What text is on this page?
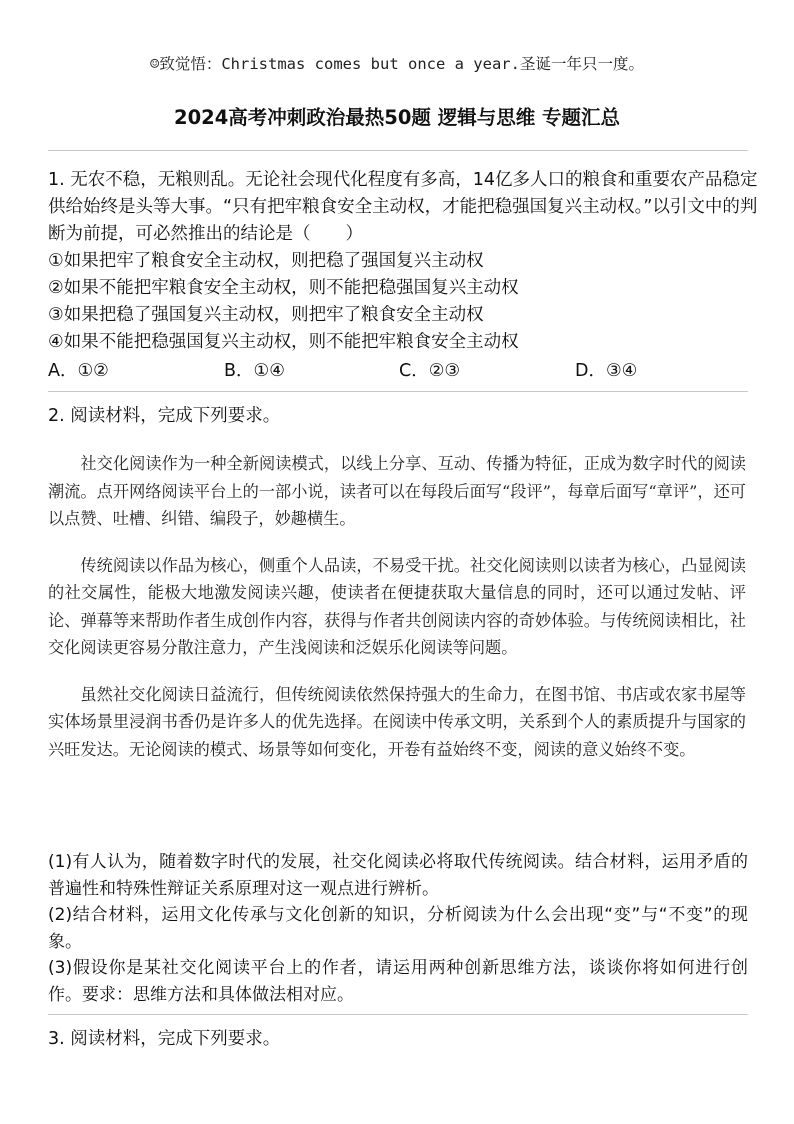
☺致觉悟：Christmas comes but once a year.圣诞一年只一度。
2024高考冲刺政治最热50题 逻辑与思维 专题汇总

1. 无农不稳，无粮则乱。无论社会现代化程度有多高，14亿多人口的粮食和重要农产品稳定供给始终是头等大事。“只有把牢粮食安全主动权，才能把稳强国复兴主动权。”以引文中的判断为前提，可必然推出的结论是（　　）

①如果把牢了粮食安全主动权，则把稳了强国复兴主动权

②如果不能把牢粮食安全主动权，则不能把稳强国复兴主动权

③如果把稳了强国复兴主动权，则把牢了粮食安全主动权

④如果不能把稳强国复兴主动权，则不能把牢粮食安全主动权

A．①②	B．①④	C．②③	D．③④
2. 阅读材料，完成下列要求。

社交化阅读作为一种全新阅读模式，以线上分享、互动、传播为特征，正成为数字时代的阅读潮流。点开网络阅读平台上的一部小说，读者可以在每段后面写“段评”，每章后面写“章评”，还可以点赞、吐槽、纠错、编段子，妙趣横生。

传统阅读以作品为核心，侧重个人品读，不易受干扰。社交化阅读则以读者为核心，凸显阅读的社交属性，能极大地激发阅读兴趣，使读者在便捷获取大量信息的同时，还可以通过发帖、评论、弹幕等来帮助作者生成创作内容，获得与作者共创阅读内容的奇妙体验。与传统阅读相比，社交化阅读更容易分散注意力，产生浅阅读和泛娱乐化阅读等问题。

虽然社交化阅读日益流行，但传统阅读依然保持强大的生命力，在图书馆、书店或农家书屋等实体场景里浸润书香仍是许多人的优先选择。在阅读中传承文明，关系到个人的素质提升与国家的兴旺发达。无论阅读的模式、场景等如何变化，开卷有益始终不变，阅读的意义始终不变。

(1)有人认为，随着数字时代的发展，社交化阅读必将取代传统阅读。结合材料，运用矛盾的普遍性和特殊性辩证关系原理对这一观点进行辨析。

(2)结合材料，运用文化传承与文化创新的知识，分析阅读为什么会出现“变”与“不变”的现象。

(3)假设你是某社交化阅读平台上的作者，请运用两种创新思维方法，谈谈你将如何进行创作。要求：思维方法和具体做法相对应。

3. 阅读材料，完成下列要求。
